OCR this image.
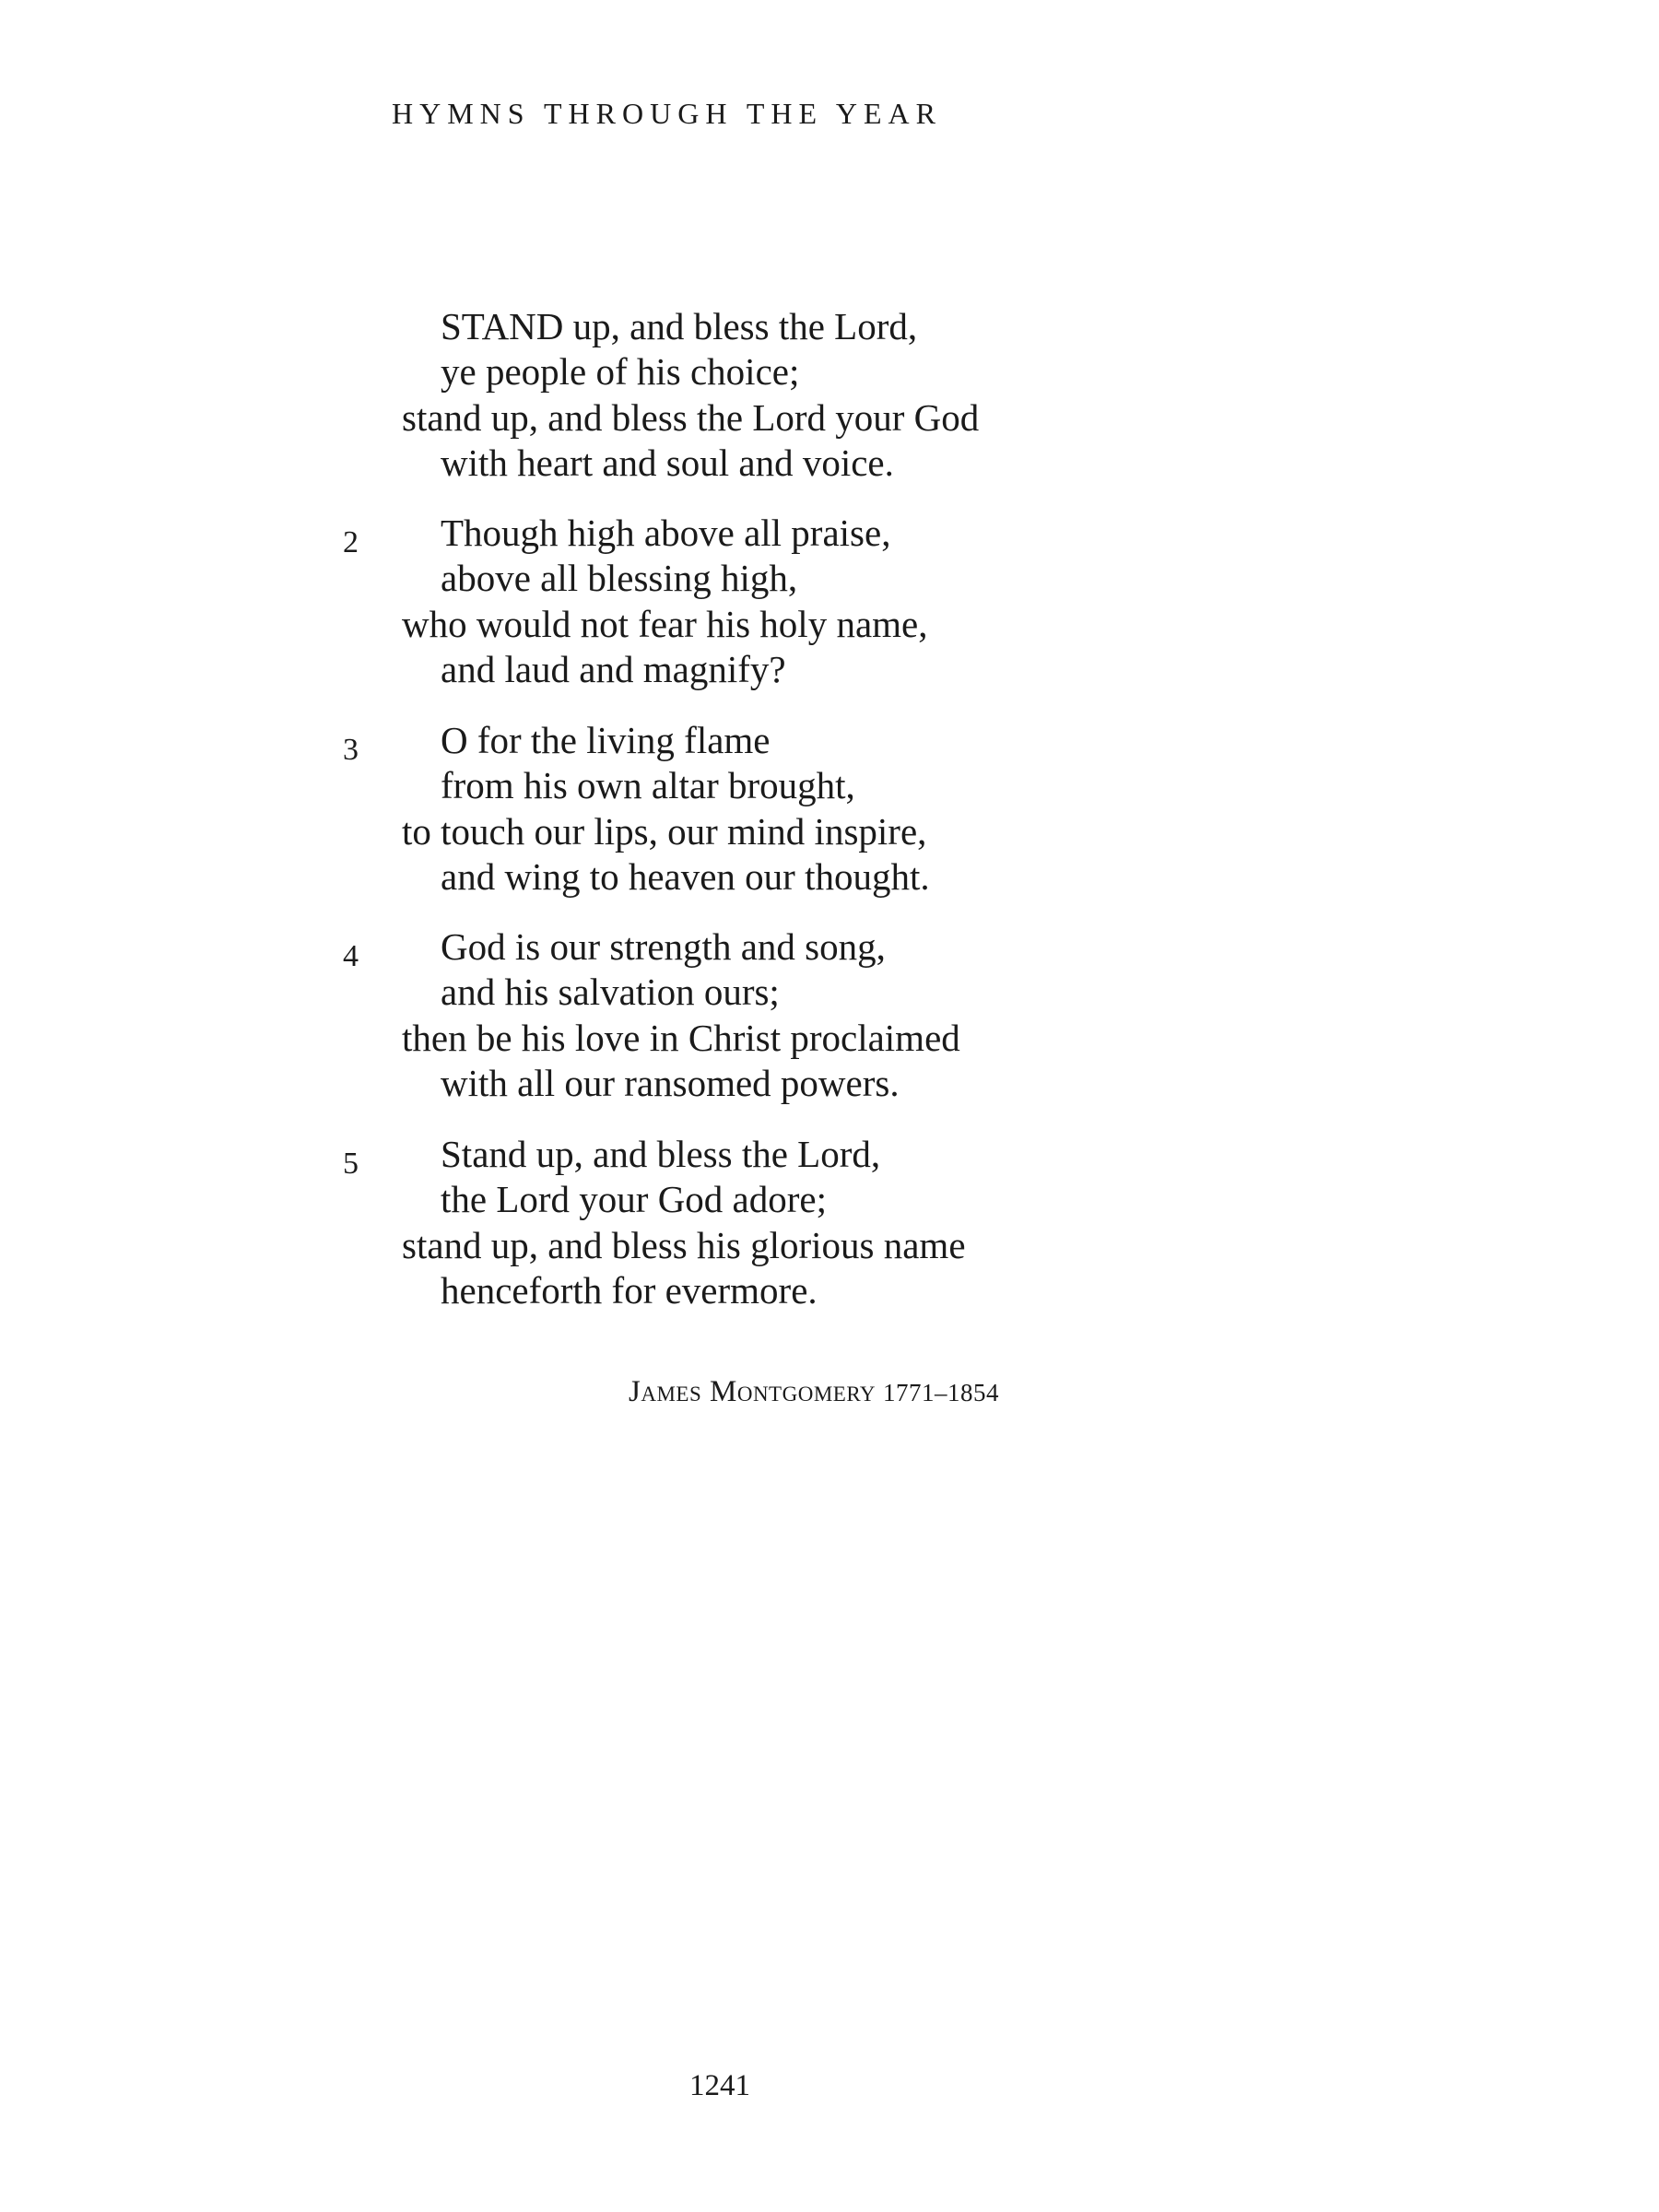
HYMNS THROUGH THE YEAR
STAND up, and bless the Lord,
ye people of his choice;
stand up, and bless the Lord your God
with heart and soul and voice.
2 Though high above all praise,
above all blessing high,
who would not fear his holy name,
and laud and magnify?
3 O for the living flame
from his own altar brought,
to touch our lips, our mind inspire,
and wing to heaven our thought.
4 God is our strength and song,
and his salvation ours;
then be his love in Christ proclaimed
with all our ransomed powers.
5 Stand up, and bless the Lord,
the Lord your God adore;
stand up, and bless his glorious name
henceforth for evermore.
James Montgomery 1771–1854
1241
